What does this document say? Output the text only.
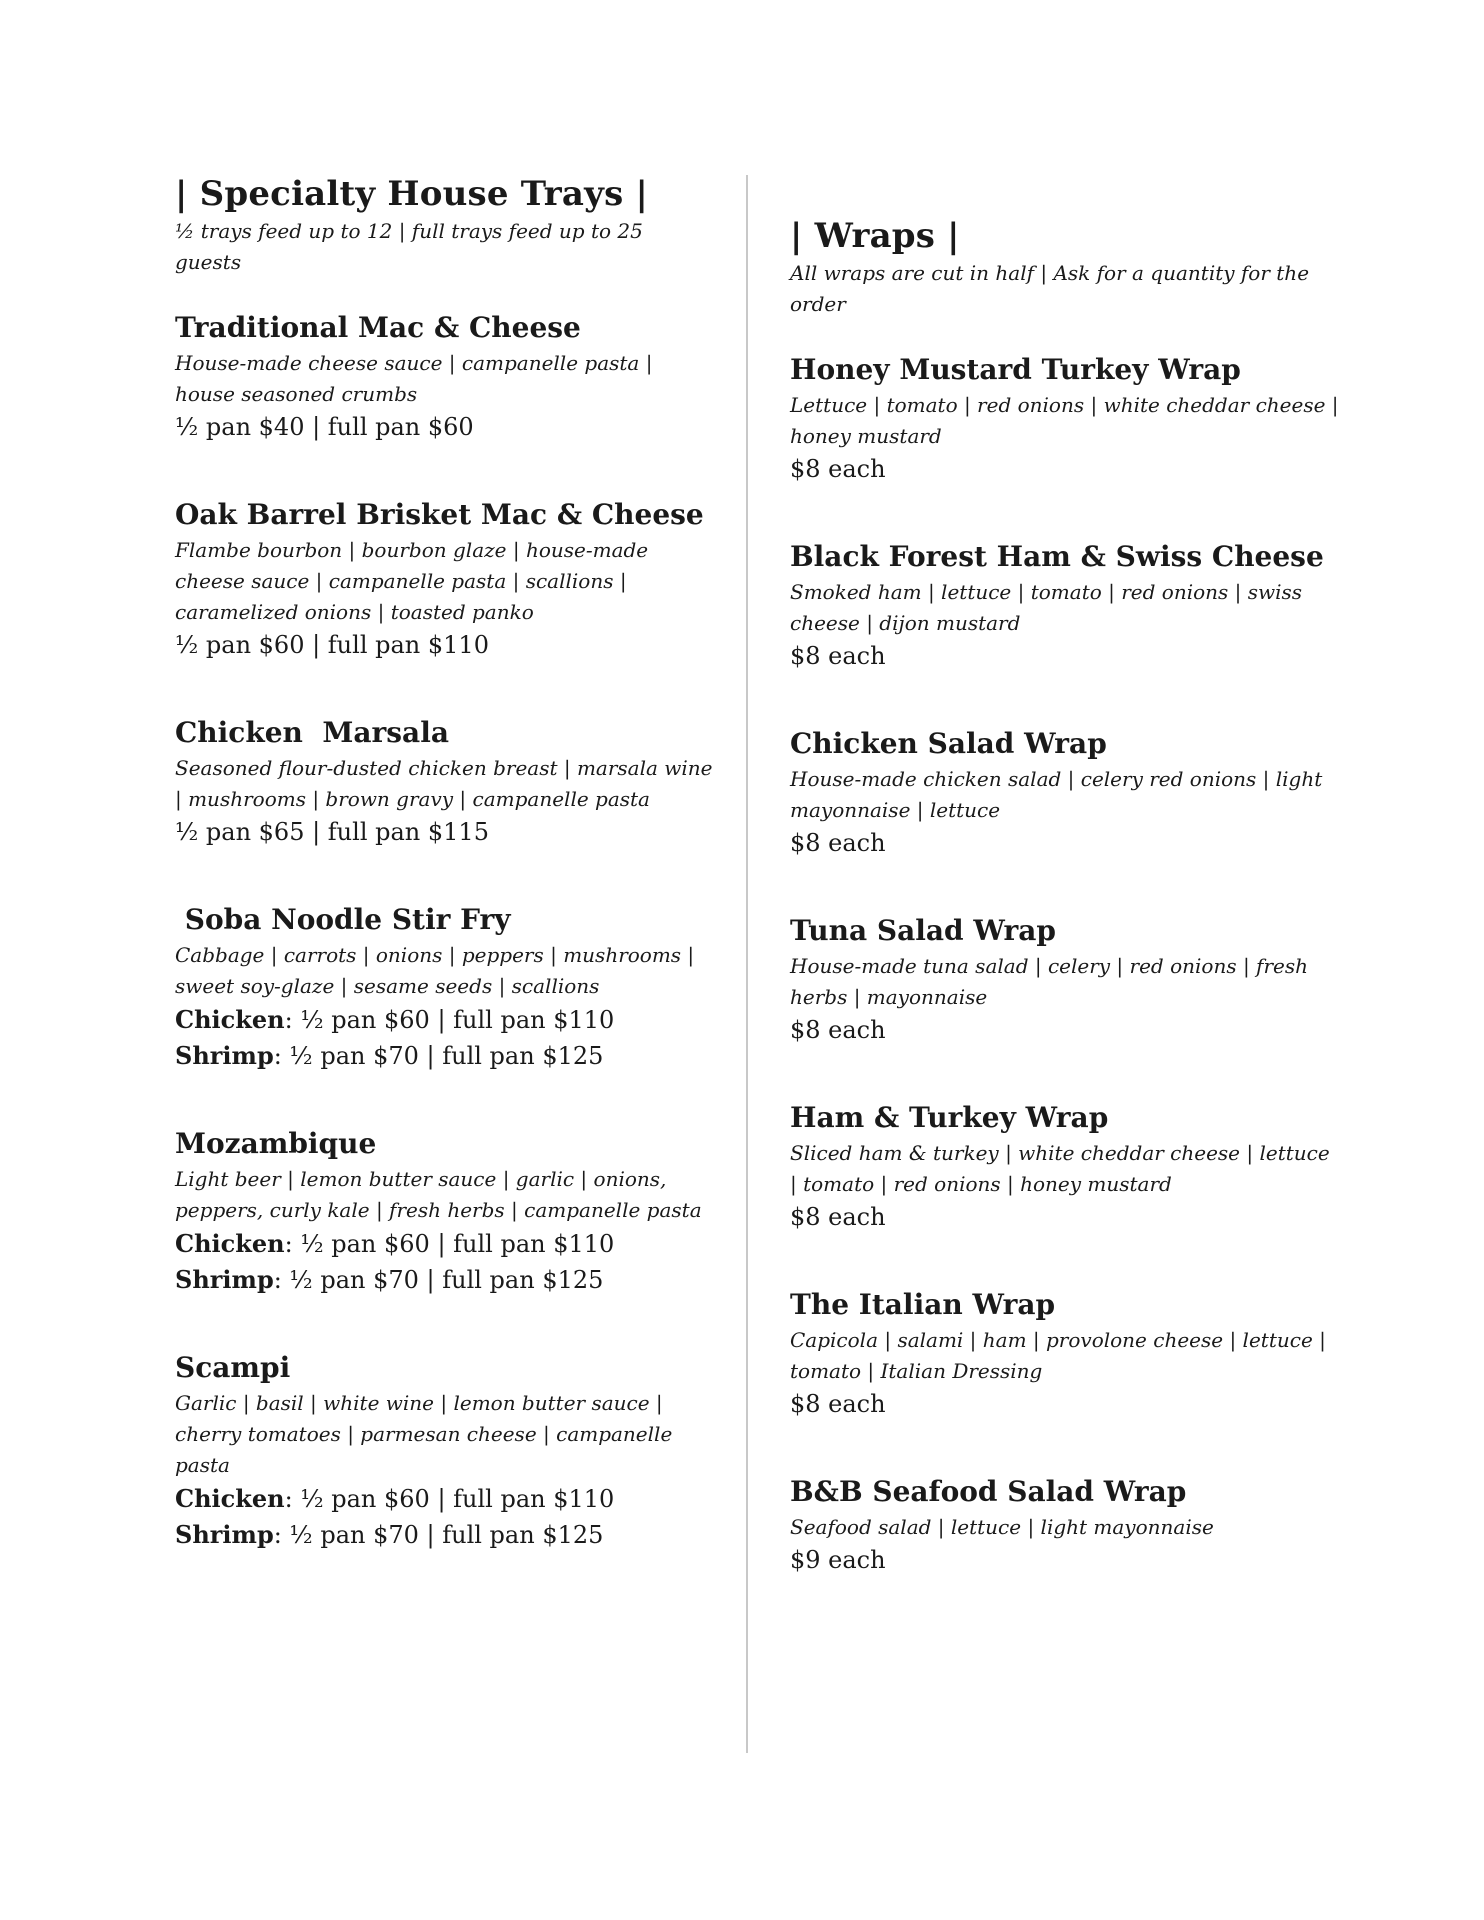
| Specialty House Trays |

½ trays feed up to 12 | full trays feed up to 25 guests

Traditional Mac & Cheese

House-made cheese sauce | campanelle pasta | house seasoned crumbs

½ pan $40 | full pan $60

Oak Barrel Brisket Mac & Cheese

Flambe bourbon | bourbon glaze | house-made cheese sauce | campanelle pasta | scallions | caramelized onions | toasted panko

½ pan $60 | full pan $110

Chicken  Marsala

Seasoned flour-dusted chicken breast | marsala wine | mushrooms | brown gravy | campanelle pasta

½ pan $65 | full pan $115

Soba Noodle Stir Fry

Cabbage | carrots | onions | peppers | mushrooms | sweet soy-glaze | sesame seeds | scallions

Chicken: ½ pan $60 | full pan $110

Shrimp: ½ pan $70 | full pan $125

Mozambique

Light beer | lemon butter sauce | garlic | onions, peppers, curly kale | fresh herbs | campanelle pasta

Chicken: ½ pan $60 | full pan $110

Shrimp: ½ pan $70 | full pan $125

Scampi

Garlic | basil | white wine | lemon butter sauce | cherry tomatoes | parmesan cheese | campanelle pasta

Chicken: ½ pan $60 | full pan $110

Shrimp: ½ pan $70 | full pan $125

| Wraps |

All wraps are cut in half | Ask for a quantity for the order

Honey Mustard Turkey Wrap

Lettuce | tomato | red onions | white cheddar cheese | honey mustard

$8 each

Black Forest Ham & Swiss Cheese

Smoked ham | lettuce | tomato | red onions | swiss cheese | dijon mustard

$8 each

Chicken Salad Wrap

House-made chicken salad | celery red onions | light mayonnaise | lettuce

$8 each

Tuna Salad Wrap

House-made tuna salad | celery | red onions | fresh herbs | mayonnaise

$8 each

Ham & Turkey Wrap

Sliced ham & turkey | white cheddar cheese | lettuce | tomato | red onions | honey mustard

$8 each

The Italian Wrap

Capicola | salami | ham | provolone cheese | lettuce | tomato | Italian Dressing

$8 each

B&B Seafood Salad Wrap

Seafood salad | lettuce | light mayonnaise

$9 each
